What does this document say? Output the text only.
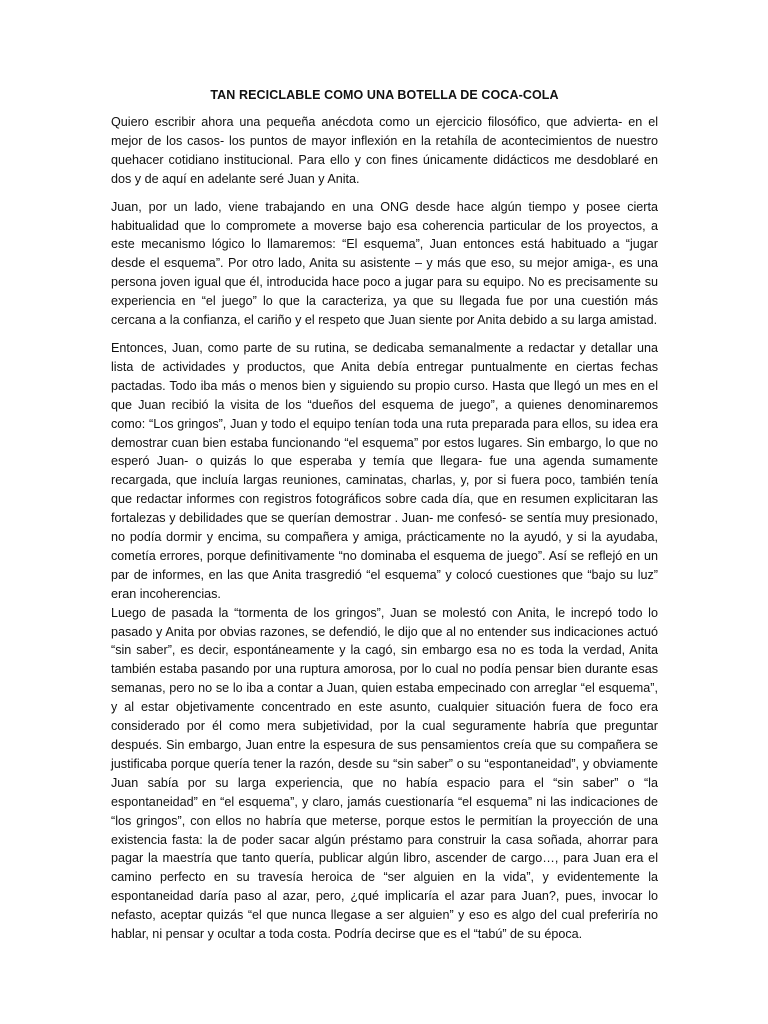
TAN RECICLABLE COMO UNA BOTELLA DE COCA-COLA

Quiero escribir ahora una pequeña anécdota como un ejercicio filosófico, que advierta- en el mejor de los casos- los puntos de mayor inflexión en la retahíla de acontecimientos de nuestro quehacer cotidiano institucional. Para ello y con fines únicamente didácticos me desdoblaré en dos y de aquí en adelante seré Juan y Anita.

Juan, por un lado, viene trabajando en una ONG desde hace algún tiempo y posee cierta habitualidad que lo compromete a moverse bajo esa coherencia particular de los proyectos, a este mecanismo lógico lo llamaremos: “El esquema”, Juan entonces está habituado a “jugar desde el esquema”. Por otro lado, Anita su asistente – y más que eso, su mejor amiga-, es una persona joven igual que él, introducida hace poco a jugar para su equipo. No es precisamente su experiencia en “el juego” lo que la caracteriza, ya que su llegada fue por una cuestión más cercana a la confianza, el cariño y el respeto que Juan siente por Anita debido a su larga amistad.

Entonces, Juan, como parte de su rutina, se dedicaba semanalmente a redactar y detallar una lista de actividades y productos, que Anita debía entregar puntualmente en ciertas fechas pactadas. Todo iba más o menos bien y siguiendo su propio curso. Hasta que llegó un mes en el que Juan recibió la visita de los “dueños del esquema de juego”, a quienes denominaremos como: “Los gringos”, Juan y todo el equipo tenían toda una ruta preparada para ellos, su idea era demostrar cuan bien estaba funcionando “el esquema” por estos lugares. Sin embargo, lo que no esperó Juan- o quizás lo que esperaba y temía que llegara- fue una agenda sumamente recargada, que incluía largas reuniones, caminatas, charlas, y, por si fuera poco, también tenía que redactar informes con registros fotográficos sobre cada día, que en resumen explicitaran las fortalezas y debilidades que se querían demostrar . Juan- me confesó- se sentía muy presionado, no podía dormir y encima, su compañera y amiga, prácticamente no la ayudó, y si la ayudaba, cometía errores, porque definitivamente “no dominaba el esquema de juego”. Así se reflejó en un par de informes, en las que Anita trasgredió “el esquema” y colocó cuestiones que “bajo su luz” eran incoherencias.

Luego de pasada la “tormenta de los gringos”, Juan se molestó con Anita, le increpó todo lo pasado y Anita por obvias razones, se defendió, le dijo que al no entender sus indicaciones actuó “sin saber”, es decir, espontáneamente y la cagó, sin embargo esa no es toda la verdad, Anita también estaba pasando por una ruptura amorosa, por lo cual no podía pensar bien durante esas semanas, pero no se lo iba a contar a Juan, quien estaba empecinado con arreglar “el esquema”, y al estar objetivamente concentrado en este asunto, cualquier situación fuera de foco era considerado por él como mera subjetividad, por la cual seguramente habría que preguntar después. Sin embargo, Juan entre la espesura de sus pensamientos creía que su compañera se justificaba porque quería tener la razón, desde su “sin saber” o su “espontaneidad”, y obviamente Juan sabía por su larga experiencia, que no había espacio para el “sin saber” o “la espontaneidad” en “el esquema”, y claro, jamás cuestionaría “el esquema” ni las indicaciones de “los gringos”, con ellos no habría que meterse, porque estos le permitían la proyección de una existencia fasta: la de poder sacar algún préstamo para construir la casa soñada, ahorrar para pagar la maestría que tanto quería, publicar algún libro, ascender de cargo…, para Juan era el camino perfecto en su travesía heroica de “ser alguien en la vida”, y evidentemente la espontaneidad daría paso al azar, pero, ¿qué implicaría el azar para Juan?, pues, invocar lo nefasto, aceptar quizás “el que nunca llegase a ser alguien” y eso es algo del cual preferiría no hablar, ni pensar y ocultar a toda costa. Podría decirse que es el “tabú” de su época.
